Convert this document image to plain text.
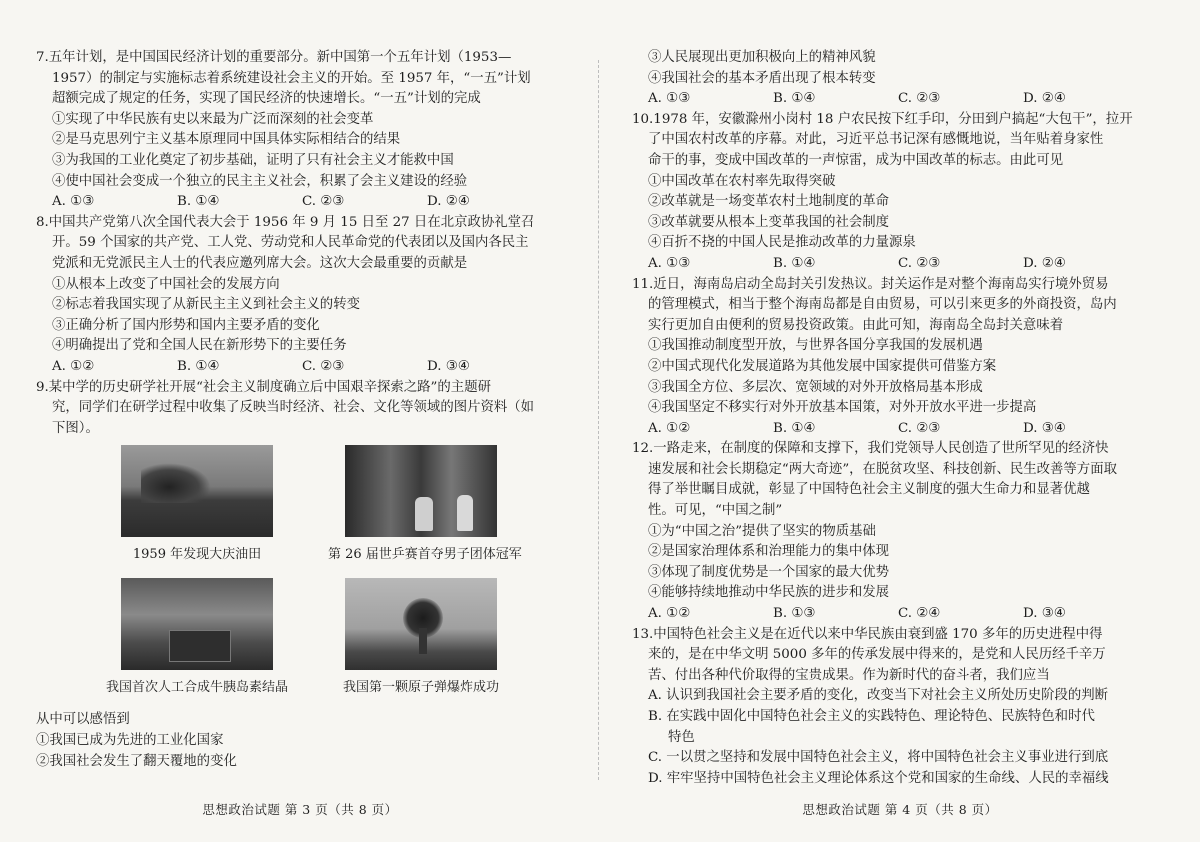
7.五年计划，是中国国民经济计划的重要部分。新中国第一个五年计划（1953—

1957）的制定与实施标志着系统建设社会主义的开始。至 1957 年，“一五”计划

超额完成了规定的任务，实现了国民经济的快速增长。“一五”计划的完成

①实现了中华民族有史以来最为广泛而深刻的社会变革

②是马克思列宁主义基本原理同中国具体实际相结合的结果

③为我国的工业化奠定了初步基础，证明了只有社会主义才能救中国

④使中国社会变成一个独立的民主主义社会，积累了会主义建设的经验

A. ①③	B. ①④	C. ②③	D. ②④

8.中国共产党第八次全国代表大会于 1956 年 9 月 15 日至 27 日在北京政协礼堂召

开。59 个国家的共产党、工人党、劳动党和人民革命党的代表团以及国内各民主

党派和无党派民主人士的代表应邀列席大会。这次大会最重要的贡献是

①从根本上改变了中国社会的发展方向

②标志着我国实现了从新民主主义到社会主义的转变

③正确分析了国内形势和国内主要矛盾的变化

④明确提出了党和全国人民在新形势下的主要任务

A. ①②	B. ①④	C. ②③	D. ③④

9.某中学的历史研学社开展“社会主义制度确立后中国艰辛探索之路”的主题研

究，同学们在研学过程中收集了反映当时经济、社会、文化等领域的图片资料（如

下图）。

1959 年发现大庆油田	第 26 届世乒赛首夺男子团体冠军
我国首次人工合成牛胰岛素结晶	我国第一颗原子弹爆炸成功

从中可以感悟到

①我国已成为先进的工业化国家

②我国社会发生了翻天覆地的变化

思想政治试题 第 3 页（共 8 页）

③人民展现出更加积极向上的精神风貌

④我国社会的基本矛盾出现了根本转变

A. ①③	B. ①④	C. ②③	D. ②④

10.1978 年，安徽滁州小岗村 18 户农民按下红手印，分田到户搞起“大包干”，拉开

了中国农村改革的序幕。对此，习近平总书记深有感慨地说，当年贴着身家性

命干的事，变成中国改革的一声惊雷，成为中国改革的标志。由此可见

①中国改革在农村率先取得突破

②改革就是一场变革农村土地制度的革命

③改革就要从根本上变革我国的社会制度

④百折不挠的中国人民是推动改革的力量源泉

A. ①③	B. ①④	C. ②③	D. ②④

11.近日，海南岛启动全岛封关引发热议。封关运作是对整个海南岛实行境外贸易

的管理模式，相当于整个海南岛都是自由贸易，可以引来更多的外商投资，岛内

实行更加自由便利的贸易投资政策。由此可知，海南岛全岛封关意味着

①我国推动制度型开放，与世界各国分享我国的发展机遇

②中国式现代化发展道路为其他发展中国家提供可借鉴方案

③我国全方位、多层次、宽领域的对外开放格局基本形成

④我国坚定不移实行对外开放基本国策，对外开放水平进一步提高

A. ①②	B. ①④	C. ②③	D. ③④

12.一路走来，在制度的保障和支撑下，我们党领导人民创造了世所罕见的经济快

速发展和社会长期稳定“两大奇迹”，在脱贫攻坚、科技创新、民生改善等方面取

得了举世瞩目成就，彰显了中国特色社会主义制度的强大生命力和显著优越

性。可见，“中国之制”

①为“中国之治”提供了坚实的物质基础

②是国家治理体系和治理能力的集中体现

③体现了制度优势是一个国家的最大优势

④能够持续地推动中华民族的进步和发展

A. ①②	B. ①③	C. ②④	D. ③④

13.中国特色社会主义是在近代以来中华民族由衰到盛 170 多年的历史进程中得

来的，是在中华文明 5000 多年的传承发展中得来的，是党和人民历经千辛万

苦、付出各种代价取得的宝贵成果。作为新时代的奋斗者，我们应当

A. 认识到我国社会主要矛盾的变化，改变当下对社会主义所处历史阶段的判断

B. 在实践中固化中国特色社会主义的实践特色、理论特色、民族特色和时代

特色

C. 一以贯之坚持和发展中国特色社会主义，将中国特色社会主义事业进行到底

D. 牢牢坚持中国特色社会主义理论体系这个党和国家的生命线、人民的幸福线

思想政治试题 第 4 页（共 8 页）
